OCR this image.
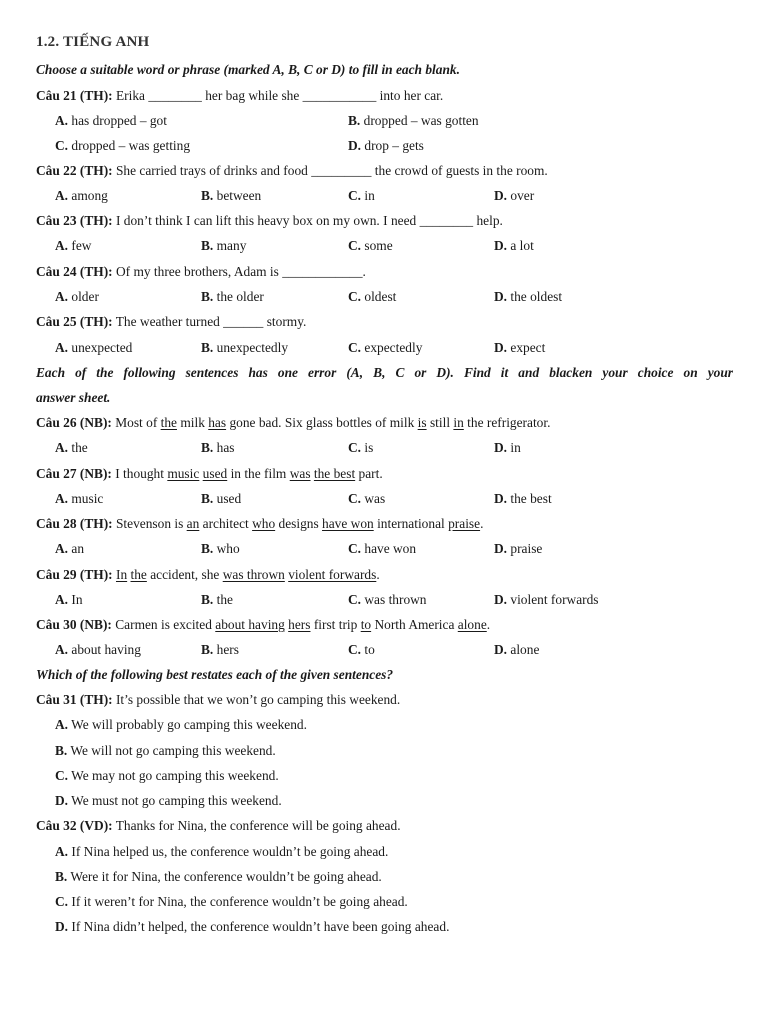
1.2. TIẾNG ANH
Choose a suitable word or phrase (marked A, B, C or D) to fill in each blank.
Câu 21 (TH): Erika ________ her bag while she ___________ into her car.
A. has dropped – got	B. dropped – was gotten
C. dropped – was getting	D. drop – gets
Câu 22 (TH): She carried trays of drinks and food _________ the crowd of guests in the room.
A. among	B. between	C. in	D. over
Câu 23 (TH): I don’t think I can lift this heavy box on my own. I need ________ help.
A. few	B. many	C. some	D. a lot
Câu 24 (TH): Of my three brothers, Adam is ____________.
A. older	B. the older	C. oldest	D. the oldest
Câu 25 (TH): The weather turned ______ stormy.
A. unexpected	B. unexpectedly	C. expectedly	D. expect
Each of the following sentences has one error (A, B, C or D). Find it and blacken your choice on your
answer sheet.
Câu 26 (NB): Most of the milk has gone bad. Six glass bottles of milk is still in the refrigerator.
A. the	B. has	C. is	D. in
Câu 27 (NB): I thought music used in the film was the best part.
A. music	B. used	C. was	D. the best
Câu 28 (TH): Stevenson is an architect who designs have won international praise.
A. an	B. who	C. have won	D. praise
Câu 29 (TH): In the accident, she was thrown violent forwards.
A. In	B. the	C. was thrown	D. violent forwards
Câu 30 (NB): Carmen is excited about having hers first trip to North America alone.
A. about having	B. hers	C. to	D. alone
Which of the following best restates each of the given sentences?
Câu 31 (TH): It’s possible that we won’t go camping this weekend.
A. We will probably go camping this weekend.
B. We will not go camping this weekend.
C. We may not go camping this weekend.
D. We must not go camping this weekend.
Câu 32 (VD): Thanks for Nina, the conference will be going ahead.
A. If Nina helped us, the conference wouldn’t be going ahead.
B. Were it for Nina, the conference wouldn’t be going ahead.
C. If it weren’t for Nina, the conference wouldn’t be going ahead.
D. If Nina didn’t helped, the conference wouldn’t have been going ahead.
